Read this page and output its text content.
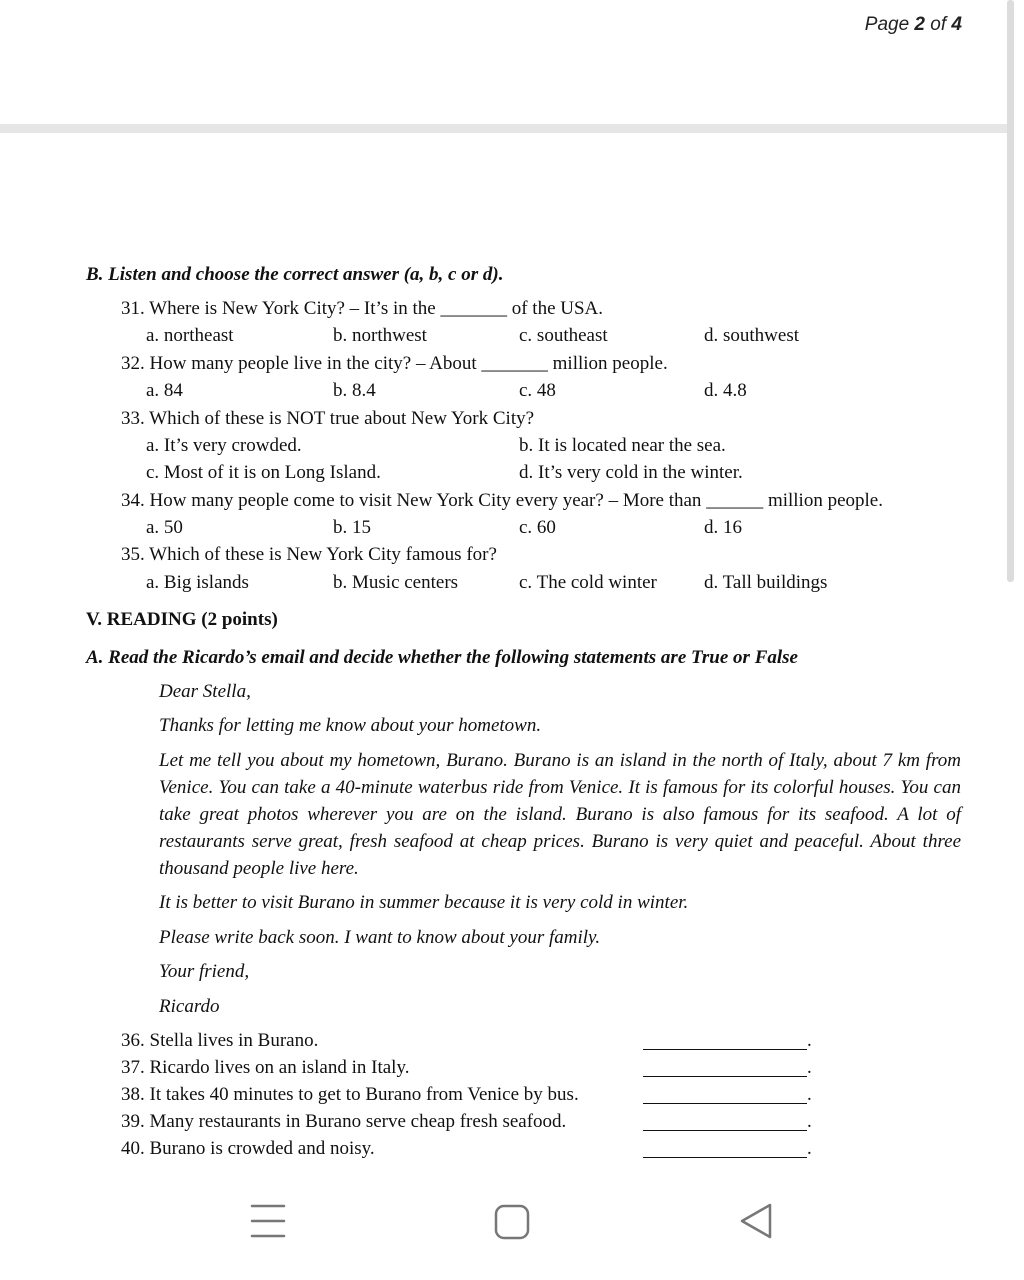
Page 2 of 4
B. Listen and choose the correct answer (a, b, c or d).
31. Where is New York City? – It’s in the _______ of the USA.
a. northeast	b. northwest	c. southeast	d. southwest
32. How many people live in the city? – About _______ million people.
a. 84	b. 8.4	c. 48	d. 4.8
33. Which of these is NOT true about New York City?
a. It’s very crowded.	b. It is located near the sea.
c. Most of it is on Long Island.	d. It’s very cold in the winter.
34. How many people come to visit New York City every year? – More than ______ million people.
a. 50	b. 15	c. 60	d. 16
35. Which of these is New York City famous for?
a. Big islands	b. Music centers	c. The cold winter d. Tall buildings
V. READING (2 points)
A. Read the Ricardo’s email and decide whether the following statements are True or False
Dear Stella,
Thanks for letting me know about your hometown.
Let me tell you about my hometown, Burano. Burano is an island in the north of Italy, about 7 km from Venice. You can take a 40-minute waterbus ride from Venice. It is famous for its colorful houses. You can take great photos wherever you are on the island. Burano is also famous for its seafood. A lot of restaurants serve great, fresh seafood at cheap prices. Burano is very quiet and peaceful. About three thousand people live here.
It is better to visit Burano in summer because it is very cold in winter.
Please write back soon. I want to know about your family.
Your friend,
Ricardo
36. Stella lives in Burano.	.
37. Ricardo lives on an island in Italy.	.
38. It takes 40 minutes to get to Burano from Venice by bus.	.
39. Many restaurants in Burano serve cheap fresh seafood.	.
40. Burano is crowded and noisy.	.
